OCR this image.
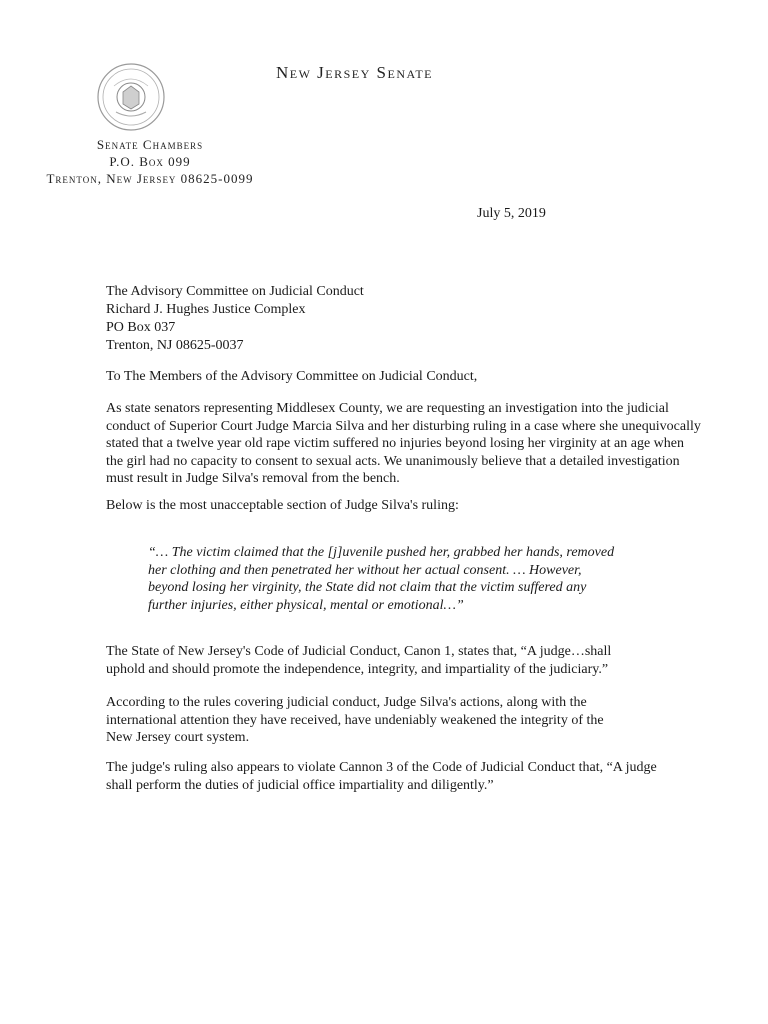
New Jersey Senate
Senate Chambers
P.O. Box 099
Trenton, New Jersey 08625-0099
July 5, 2019
The Advisory Committee on Judicial Conduct
Richard J. Hughes Justice Complex
PO Box 037
Trenton, NJ 08625-0037
To The Members of the Advisory Committee on Judicial Conduct,

As state senators representing Middlesex County, we are requesting an investigation into the judicial conduct of Superior Court Judge Marcia Silva and her disturbing ruling in a case where she unequivocally stated that a twelve year old rape victim suffered no injuries beyond losing her virginity at an age when the girl had no capacity to consent to sexual acts. We unanimously believe that a detailed investigation must result in Judge Silva's removal from the bench.

Below is the most unacceptable section of Judge Silva's ruling:

“… The victim claimed that the [j]uvenile pushed her, grabbed her hands, removed her clothing and then penetrated her without her actual consent. … However, beyond losing her virginity, the State did not claim that the victim suffered any further injuries, either physical, mental or emotional…”

The State of New Jersey's Code of Judicial Conduct, Canon 1, states that, “A judge…shall uphold and should promote the independence, integrity, and impartiality of the judiciary.”

According to the rules covering judicial conduct, Judge Silva's actions, along with the international attention they have received, have undeniably weakened the integrity of the New Jersey court system.

The judge's ruling also appears to violate Cannon 3 of the Code of Judicial Conduct that, “A judge shall perform the duties of judicial office impartiality and diligently.”
